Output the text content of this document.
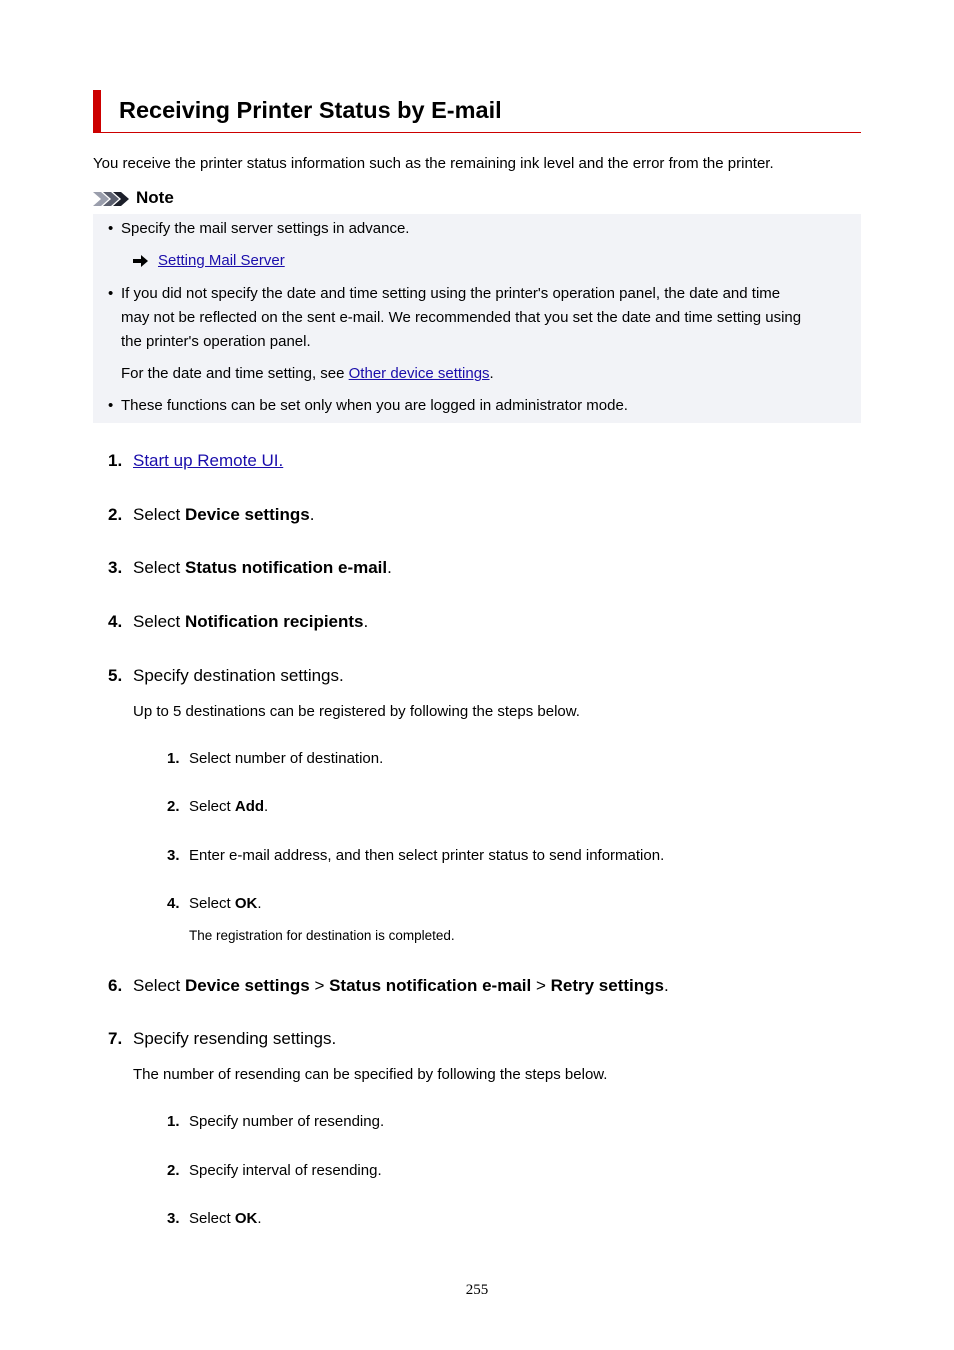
Receiving Printer Status by E-mail
You receive the printer status information such as the remaining ink level and the error from the printer.
Note
• Specify the mail server settings in advance.
Setting Mail Server
• If you did not specify the date and time setting using the printer's operation panel, the date and time
may not be reflected on the sent e-mail. We recommended that you set the date and time setting using
the printer's operation panel.
For the date and time setting, see Other device settings.
• These functions can be set only when you are logged in administrator mode.
1. Start up Remote UI.
2. Select Device settings.
3. Select Status notification e-mail.
4. Select Notification recipients.
5. Specify destination settings.
Up to 5 destinations can be registered by following the steps below.
1. Select number of destination.
2. Select Add.
3. Enter e-mail address, and then select printer status to send information.
4. Select OK.
The registration for destination is completed.
6. Select Device settings > Status notification e-mail > Retry settings.
7. Specify resending settings.
The number of resending can be specified by following the steps below.
1. Specify number of resending.
2. Specify interval of resending.
3. Select OK.
255
